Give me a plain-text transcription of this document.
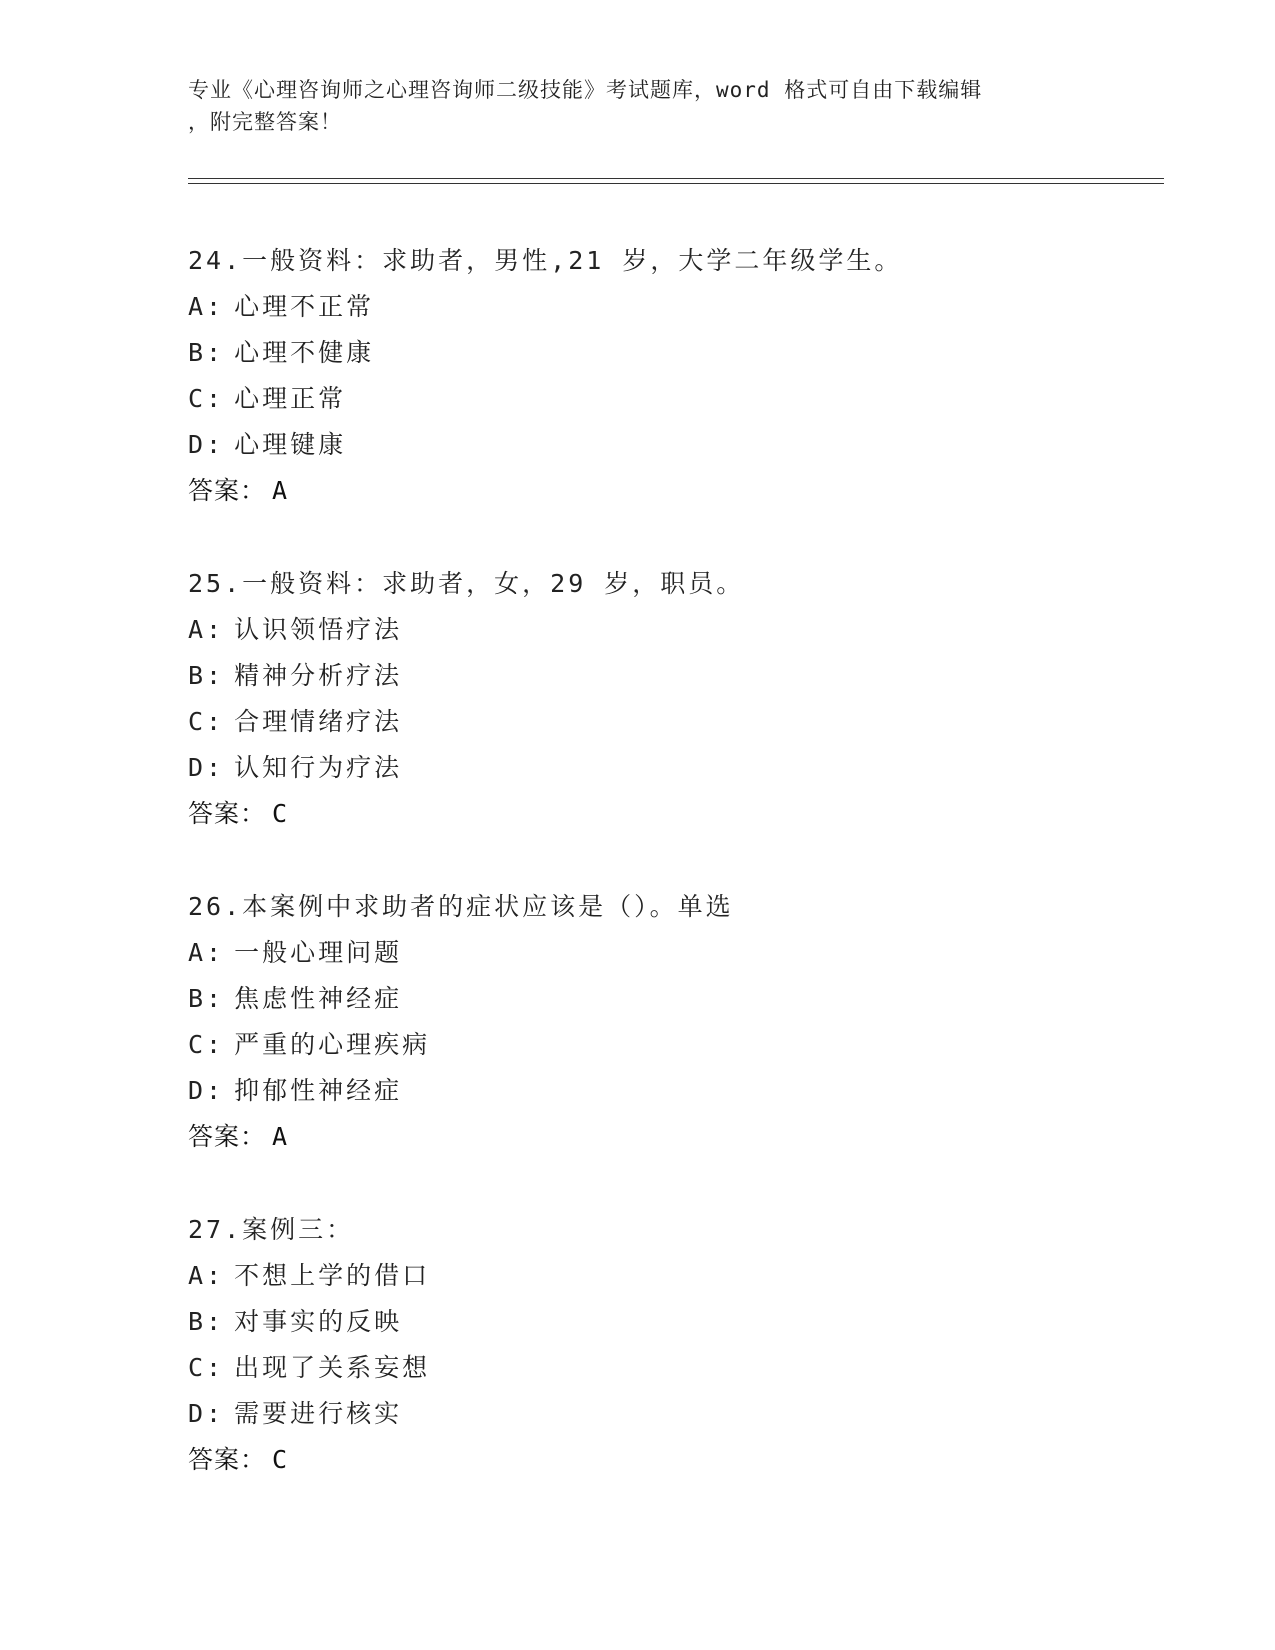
专业《心理咨询师之心理咨询师二级技能》考试题库，word 格式可自由下载编辑
，附完整答案！
24.一般资料：求助者，男性,21 岁，大学二年级学生。
A: 心理不正常
B: 心理不健康
C: 心理正常
D: 心理键康
答案： A
25.一般资料：求助者，女，29 岁，职员。
A: 认识领悟疗法
B: 精神分析疗法
C: 合理情绪疗法
D: 认知行为疗法
答案： C
26.本案例中求助者的症状应该是（）。单选
A: 一般心理问题
B: 焦虑性神经症
C: 严重的心理疾病
D: 抑郁性神经症
答案： A
27.案例三：
A: 不想上学的借口
B: 对事实的反映
C: 出现了关系妄想
D: 需要进行核实
答案： C
